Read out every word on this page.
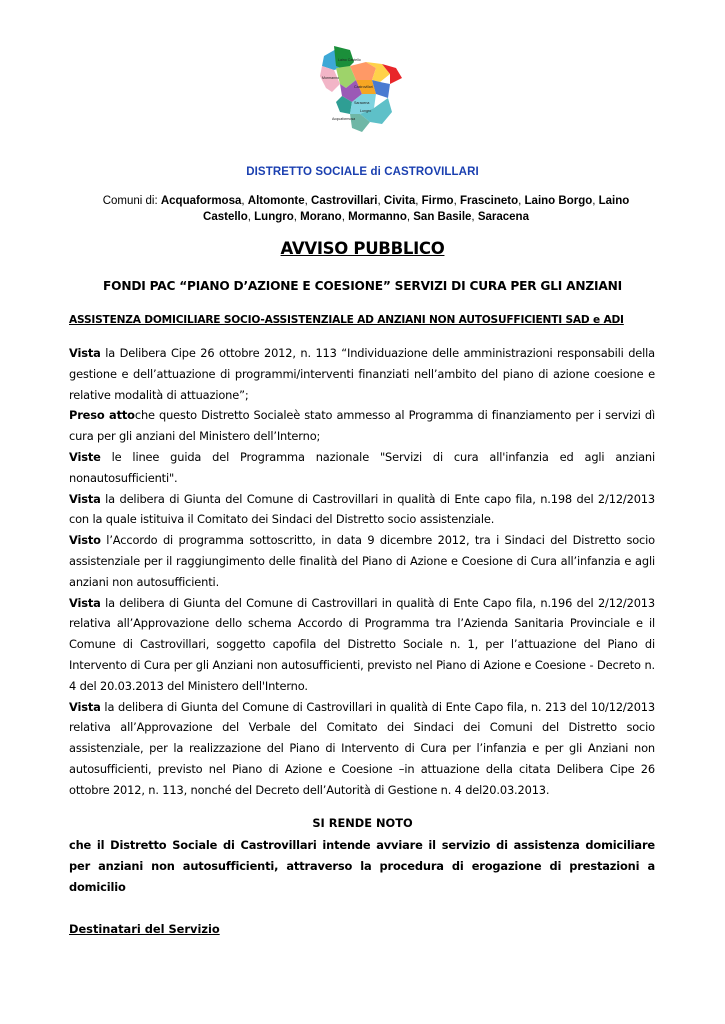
Laino Castello
Mormanno
Castrovillari
Saracena
Lungro
Acquaformosa
DISTRETTO SOCIALE di CASTROVILLARI
Comuni di: Acquaformosa, Altomonte, Castrovillari, Civita, Firmo, Frascineto, Laino Borgo, Laino Castello, Lungro, Morano, Mormanno, San Basile, Saracena
AVVISO PUBBLICO
FONDI PAC “PIANO D’AZIONE E COESIONE” SERVIZI DI CURA PER GLI ANZIANI
ASSISTENZA DOMICILIARE SOCIO-ASSISTENZIALE AD ANZIANI NON AUTOSUFFICIENTI SAD e ADI

Vista la Delibera Cipe 26 ottobre 2012, n. 113 “Individuazione delle amministrazioni responsabili della gestione e dell’attuazione di programmi/interventi finanziati nell’ambito del piano di azione coesione e relative modalità di attuazione”;

Preso attoche questo Distretto Socialeè stato ammesso al Programma di finanziamento per i servizi dì cura per gli anziani del Ministero dell’Interno;

Viste le linee guida del Programma nazionale "Servizi di cura all'infanzia ed agli anziani nonautosufficienti".

Vista la delibera di Giunta del Comune di Castrovillari in qualità di Ente capo fila, n.198 del 2/12/2013 con la quale istituiva il Comitato dei Sindaci del Distretto socio assistenziale.

Visto l’Accordo di programma sottoscritto, in data 9 dicembre 2012, tra i Sindaci del Distretto socio assistenziale per il raggiungimento delle finalità del Piano di Azione e Coesione di Cura all’infanzia e agli anziani non autosufficienti.

Vista la delibera di Giunta del Comune di Castrovillari in qualità di Ente Capo fila, n.196 del 2/12/2013 relativa all’Approvazione dello schema Accordo di Programma tra l’Azienda Sanitaria Provinciale e il Comune di Castrovillari, soggetto capofila del Distretto Sociale n. 1, per l’attuazione del Piano di Intervento di Cura per gli Anziani non autosufficienti, previsto nel Piano di Azione e Coesione - Decreto n. 4 del 20.03.2013 del Ministero dell'Interno.

Vista la delibera di Giunta del Comune di Castrovillari in qualità di Ente Capo fila, n. 213 del 10/12/2013 relativa all’Approvazione del Verbale del Comitato dei Sindaci dei Comuni del Distretto socio assistenziale, per la realizzazione del Piano di Intervento di Cura per l’infanzia e per gli Anziani non autosufficienti, previsto nel Piano di Azione e Coesione –in attuazione della citata Delibera Cipe 26 ottobre 2012, n. 113, nonché del Decreto dell’Autorità di Gestione n. 4 del20.03.2013.

SI RENDE NOTO
che il Distretto Sociale di Castrovillari intende avviare il servizio di assistenza domiciliare per anziani non autosufficienti, attraverso la procedura di erogazione di prestazioni a domicilio
Destinatari del Servizio
